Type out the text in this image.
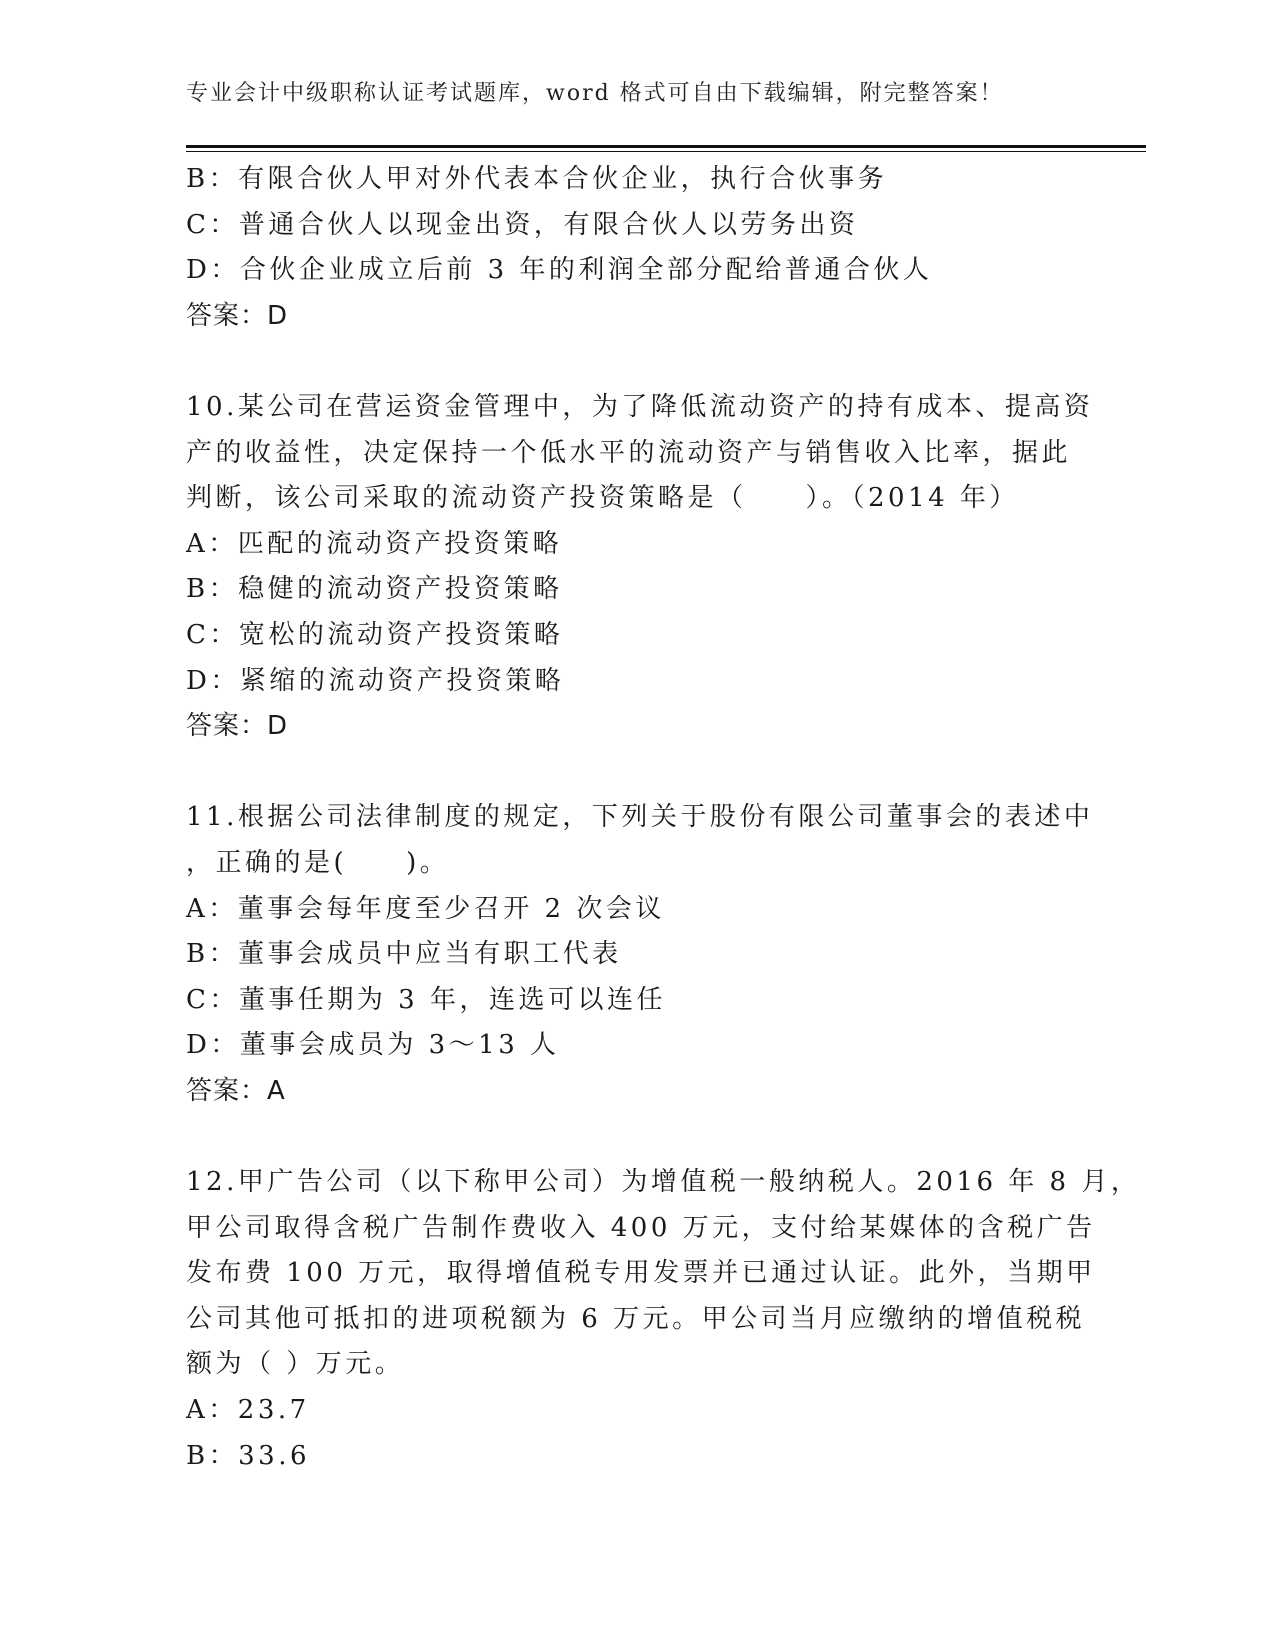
专业会计中级职称认证考试题库，word 格式可自由下载编辑，附完整答案！
B：有限合伙人甲对外代表本合伙企业，执行合伙事务
C：普通合伙人以现金出资，有限合伙人以劳务出资
D：合伙企业成立后前 3 年的利润全部分配给普通合伙人
答案：D
10.某公司在营运资金管理中，为了降低流动资产的持有成本、提高资
产的收益性，决定保持一个低水平的流动资产与销售收入比率，据此
判断，该公司采取的流动资产投资策略是（　　）。（2014 年）
A：匹配的流动资产投资策略
B：稳健的流动资产投资策略
C：宽松的流动资产投资策略
D：紧缩的流动资产投资策略
答案：D
11.根据公司法律制度的规定，下列关于股份有限公司董事会的表述中
，正确的是(　　)。
A：董事会每年度至少召开 2 次会议
B：董事会成员中应当有职工代表
C：董事任期为 3 年，连选可以连任
D：董事会成员为 3～13 人
答案：A
12.甲广告公司（以下称甲公司）为增值税一般纳税人。2016 年 8 月，
甲公司取得含税广告制作费收入 400 万元，支付给某媒体的含税广告
发布费 100 万元，取得增值税专用发票并已通过认证。此外，当期甲
公司其他可抵扣的进项税额为 6 万元。甲公司当月应缴纳的增值税税
额为（ ）万元。
A：23.7
B：33.6
